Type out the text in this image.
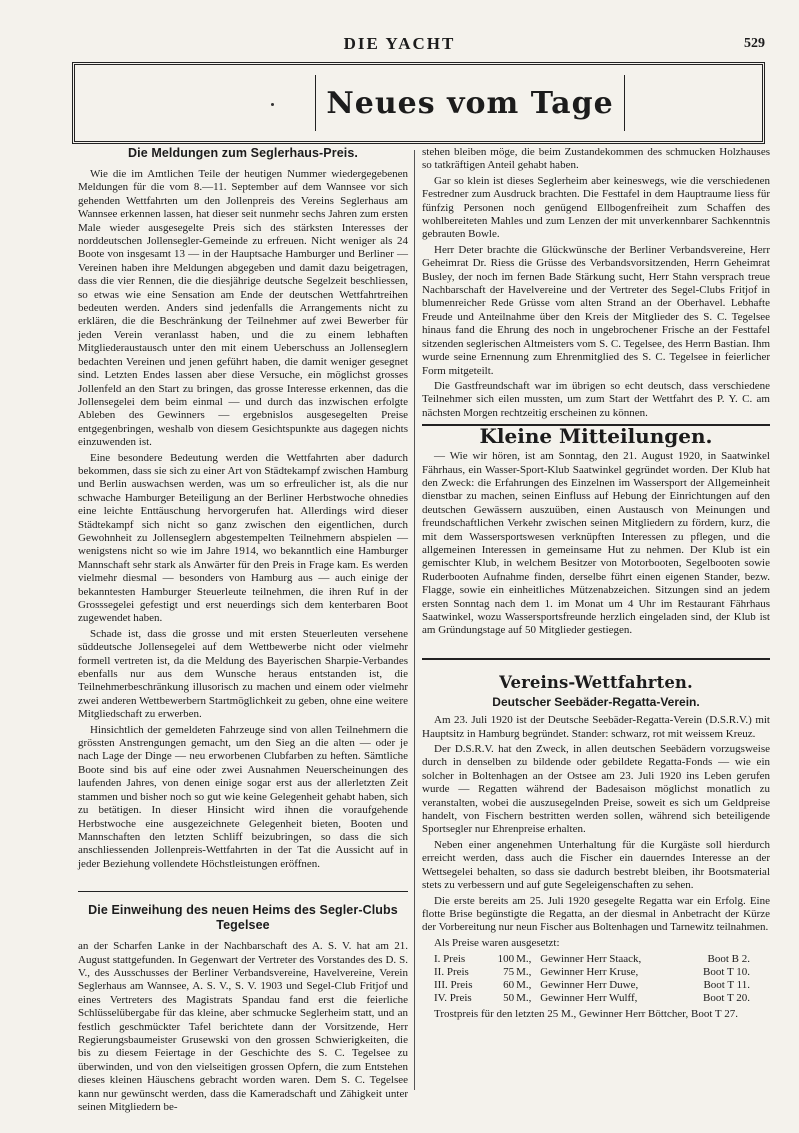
DIE YACHT	529
Neues vom Tage
Die Meldungen zum Seglerhaus-Preis.

Wie die im Amtlichen Teile der heutigen Nummer wiedergegebenen Meldungen für die vom 8.—11. September auf dem Wannsee vor sich gehenden Wettfahrten um den Jollenpreis des Vereins Seglerhaus am Wannsee erkennen lassen, hat dieser seit nunmehr sechs Jahren zum ersten Male wieder ausgesegelte Preis sich des stärksten Interesses der norddeutschen Jollensegler-Gemeinde zu erfreuen. Nicht weniger als 24 Boote von insgesamt 13 — in der Hauptsache Hamburger und Berliner — Vereinen haben ihre Meldungen abgegeben und damit dazu beigetragen, dass die vier Rennen, die die diesjährige deutsche Segelzeit beschliessen, so etwas wie eine Sensation am Ende der deutschen Wettfahrtreihen bedeuten werden. Anders sind jedenfalls die Arrangements nicht zu erklären, die die Beschränkung der Teilnehmer auf zwei Bewerber für jeden Verein veranlasst haben, und die zu einem lebhaften Mitgliederaustausch unter den mit einem Ueberschuss an Jollenseglern bedachten Vereinen und jenen geführt haben, die damit weniger gesegnet sind. Letzten Endes lassen aber diese Versuche, ein möglichst grosses Jollenfeld an den Start zu bringen, das grosse Interesse erkennen, das die Jollensegelei dem beim einmal — und durch das inzwischen erfolgte Ableben des Gewinners — ergebnislos ausgesegelten Preise entgegenbringen, weshalb von diesem Gesichtspunkte aus dagegen nichts einzuwenden ist.

Eine besondere Bedeutung werden die Wettfahrten aber dadurch bekommen, dass sie sich zu einer Art von Städtekampf zwischen Hamburg und Berlin auswachsen werden, was um so erfreulicher ist, als die nur schwache Hamburger Beteiligung an der Berliner Herbstwoche ohnedies eine leichte Enttäuschung hervorgerufen hat. Allerdings wird dieser Städtekampf sich nicht so ganz zwischen den eigentlichen, durch Gewohnheit zu Jollenseglern abgestempelten Teilnehmern abspielen — wenigstens nicht so wie im Jahre 1914, wo bekanntlich eine Hamburger Mannschaft sehr stark als Anwärter für den Preis in Frage kam. Es werden vielmehr diesmal — besonders von Hamburg aus — auch einige der bekanntesten Hamburger Steuerleute teilnehmen, die ihren Ruf in der Grosssegelei gefestigt und erst neuerdings sich dem kenterbaren Boot zugewendet haben.

Schade ist, dass die grosse und mit ersten Steuerleuten versehene süddeutsche Jollensegelei auf dem Wettbewerbe nicht oder vielmehr formell vertreten ist, da die Meldung des Bayerischen Sharpie-Verbandes ebenfalls nur aus dem Wunsche heraus entstanden ist, die Teilnehmerbeschränkung illusorisch zu machen und einem oder vielmehr zwei anderen Wettbewerbern Startmöglichkeit zu geben, ohne eine weitere Mitgliedschaft zu erwerben.

Hinsichtlich der gemeldeten Fahrzeuge sind von allen Teilnehmern die grössten Anstrengungen gemacht, um den Sieg an die alten — oder je nach Lage der Dinge — neu erworbenen Clubfarben zu heften. Sämtliche Boote sind bis auf eine oder zwei Ausnahmen Neuerscheinungen des laufenden Jahres, von denen einige sogar erst aus der allerletzten Zeit stammen und bisher noch so gut wie keine Gelegenheit gehabt haben, sich zu betätigen. In dieser Hinsicht wird ihnen die voraufgehende Herbstwoche eine ausgezeichnete Gelegenheit bieten, Booten und Mannschaften den letzten Schliff beizubringen, so dass die sich anschliessenden Jollenpreis-Wettfahrten in der Tat die Aussicht auf in jeder Beziehung vollendete Höchstleistungen eröffnen.

Die Einweihung des neuen Heims des Segler-Clubs Tegelsee

an der Scharfen Lanke in der Nachbarschaft des A. S. V. hat am 21. August stattgefunden. In Gegenwart der Vertreter des Vorstandes des D. S. V., des Ausschusses der Berliner Verbandsvereine, Havelvereine, Verein Seglerhaus am Wannsee, A. S. V., S. V. 1903 und Segel-Club Fritjof und eines Vertreters des Magistrats Spandau fand erst die feierliche Schlüsselübergabe für das kleine, aber schmucke Seglerheim statt, und an festlich geschmückter Tafel berichtete dann der Vorsitzende, Herr Regierungsbaumeister Grusewski von den grossen Schwierigkeiten, die bis zu diesem Feiertage in der Geschichte des S. C. Tegelsee zu überwinden, und von den vielseitigen grossen Opfern, die zum Entstehen dieses kleinen Häuschens gebracht worden waren. Dem S. C. Tegelsee kann nur gewünscht werden, dass die Kameradschaft und Zähigkeit unter seinen Mitgliedern be-

stehen bleiben möge, die beim Zustandekommen des schmucken Holzhauses so tatkräftigen Anteil gehabt haben.

Gar so klein ist dieses Seglerheim aber keineswegs, wie die verschiedenen Festredner zum Ausdruck brachten. Die Festtafel in dem Hauptraume liess für fünfzig Personen noch genügend Ellbogenfreiheit zum Schaffen des wohlbereiteten Mahles und zum Lenzen der mit unverkennbarer Sachkenntnis gebrauten Bowle.

Herr Deter brachte die Glückwünsche der Berliner Verbandsvereine, Herr Geheimrat Dr. Riess die Grüsse des Verbandsvorsitzenden, Herrn Geheimrat Busley, der noch im fernen Bade Stärkung sucht, Herr Stahn versprach treue Nachbarschaft der Havelvereine und der Vertreter des Segel-Clubs Fritjof in blumenreicher Rede Grüsse vom alten Strand an der Oberhavel. Lebhafte Freude und Anteilnahme über den Kreis der Mitglieder des S. C. Tegelsee hinaus fand die Ehrung des noch in ungebrochener Frische an der Festtafel sitzenden seglerischen Altmeisters vom S. C. Tegelsee, des Herrn Bastian. Ihm wurde seine Ernennung zum Ehrenmitglied des S. C. Tegelsee in feierlicher Form mitgeteilt.

Die Gastfreundschaft war im übrigen so echt deutsch, dass verschiedene Teilnehmer sich eilen mussten, um zum Start der Wettfahrt des P. Y. C. am nächsten Morgen rechtzeitig erscheinen zu können.

Kleine Mitteilungen.

— Wie wir hören, ist am Sonntag, den 21. August 1920, in Saatwinkel Fährhaus, ein Wasser-Sport-Klub Saatwinkel gegründet worden. Der Klub hat den Zweck: die Erfahrungen des Einzelnen im Wassersport der Allgemeinheit dienstbar zu machen, seinen Einfluss auf Hebung der Einrichtungen auf den deutschen Gewässern auszuüben, einen Austausch von Meinungen und freundschaftlichen Verkehr zwischen seinen Mitgliedern zu fördern, kurz, die mit dem Wassersportswesen verknüpften Interessen zu pflegen, und die allgemeinen Interessen in gemeinsame Hut zu nehmen. Der Klub ist ein gemischter Klub, in welchem Besitzer von Motorbooten, Segelbooten sowie Ruderbooten Aufnahme finden, derselbe führt einen eigenen Stander, bezw. Flagge, sowie ein einheitliches Mützenabzeichen. Sitzungen sind an jedem ersten Sonntag nach dem 1. im Monat um 4 Uhr im Restaurant Fährhaus Saatwinkel, wozu Wassersportsfreunde herzlich eingeladen sind, der Klub ist am Gründungstage auf 50 Mitglieder gestiegen.

Vereins-Wettfahrten.
Deutscher Seebäder-Regatta-Verein.

Am 23. Juli 1920 ist der Deutsche Seebäder-Regatta-Verein (D.S.R.V.) mit Hauptsitz in Hamburg begründet. Stander: schwarz, rot mit weissem Kreuz.

Der D.S.R.V. hat den Zweck, in allen deutschen Seebädern vorzugsweise durch in denselben zu bildende oder gebildete Regatta-Fonds — wie ein solcher in Boltenhagen an der Ostsee am 23. Juli 1920 ins Leben gerufen wurde — Regatten während der Badesaison möglichst monatlich zu veranstalten, wobei die auszusegelnden Preise, soweit es sich um Geldpreise handelt, von Fischern bestritten werden sollen, während sich beteiligende Sportsegler nur Ehrenpreise erhalten.

Neben einer angenehmen Unterhaltung für die Kurgäste soll hierdurch erreicht werden, dass auch die Fischer ein dauerndes Interesse an der Wettsegelei behalten, so dass sie dadurch bestrebt bleiben, ihr Bootsmaterial stets zu verbessern und auf gute Segeleigenschaften zu sehen.

Die erste bereits am 25. Juli 1920 gesegelte Regatta war ein Erfolg. Eine flotte Brise begünstigte die Regatta, an der diesmal in Anbetracht der Kürze der Vorbereitung nur neun Fischer aus Boltenhagen und Tarnewitz teilnahmen.

Als Preise waren ausgesetzt:

I. Preis	100	M.,	Gewinner Herr Staack,	Boot B 2.
II. Preis	75	M.,	Gewinner Herr Kruse,	Boot T 10.
III. Preis	60	M.,	Gewinner Herr Duwe,	Boot T 11.
IV. Preis	50	M.,	Gewinner Herr Wulff,	Boot T 20.

Trostpreis für den letzten 25 M., Gewinner Herr Böttcher, Boot T 27.
